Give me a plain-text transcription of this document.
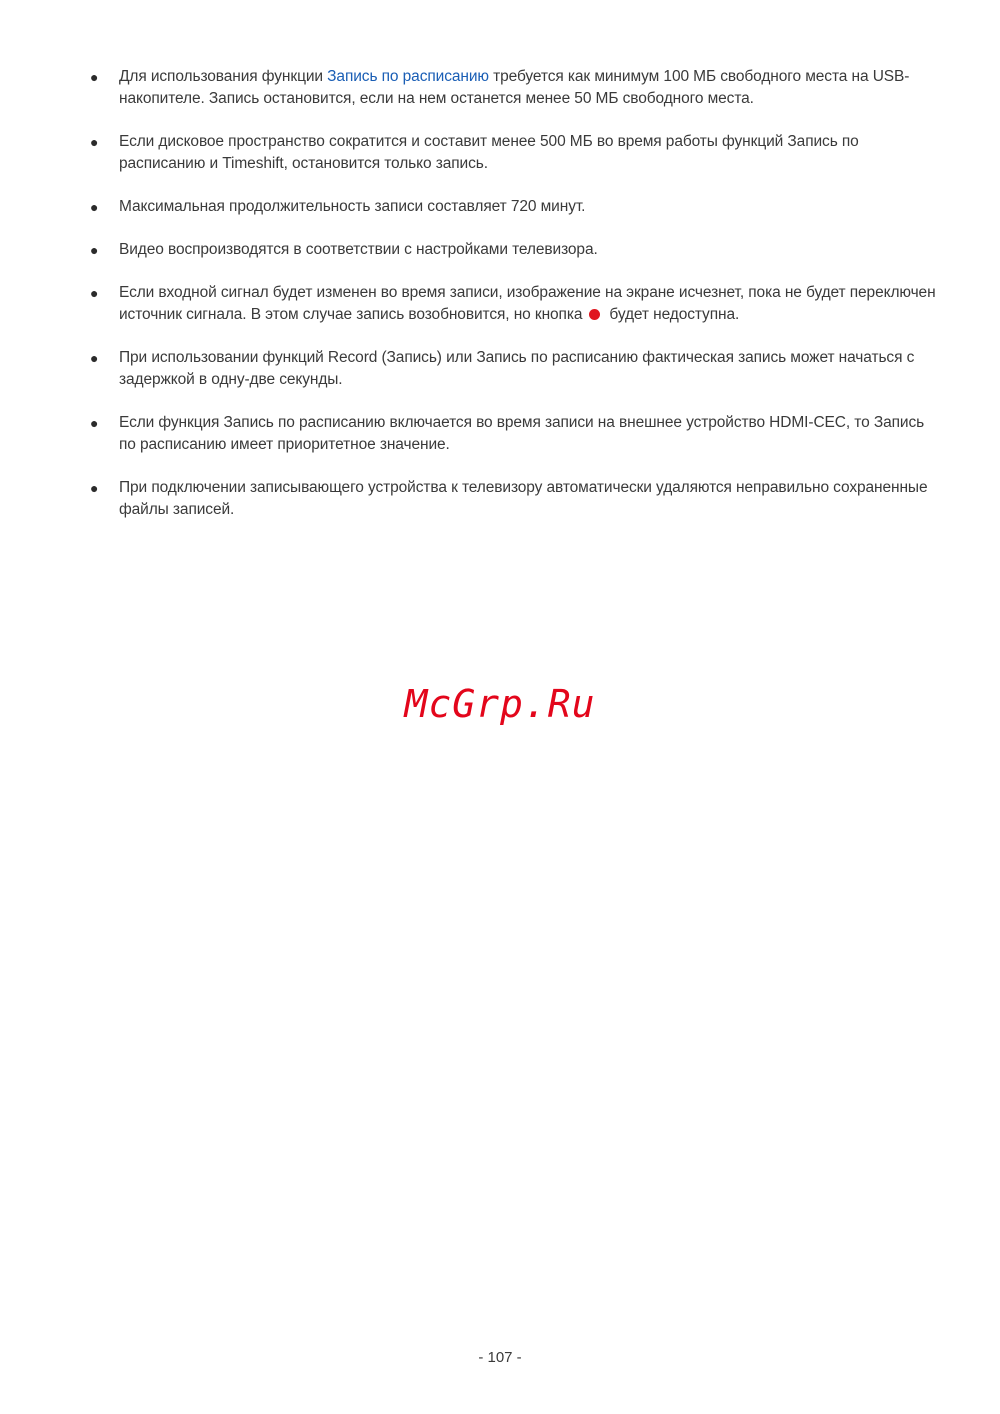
●	Для использования функции Запись по расписанию требуется как минимум 100 МБ свободного места на USB-накопителе. Запись остановится, если на нем останется менее 50 МБ свободного места.
●	Если дисковое пространство сократится и составит менее 500 МБ во время работы функций Запись по расписанию и Timeshift, остановится только запись.
●	Максимальная продолжительность записи составляет 720 минут.
●	Видео воспроизводятся в соответствии с настройками телевизора.
●	Если входной сигнал будет изменен во время записи, изображение на экране исчезнет, пока не будет переключен источник сигнала. В этом случае запись возобновится, но кнопка будет недоступна.
●	При использовании функций Record (Запись) или Запись по расписанию фактическая запись может начаться с задержкой в одну-две секунды.
●	Если функция Запись по расписанию включается во время записи на внешнее устройство HDMI-CEC, то Запись по расписанию имеет приоритетное значение.
●	При подключении записывающего устройства к телевизору автоматически удаляются неправильно сохраненные файлы записей.
McGrp.Ru
- 107 -
